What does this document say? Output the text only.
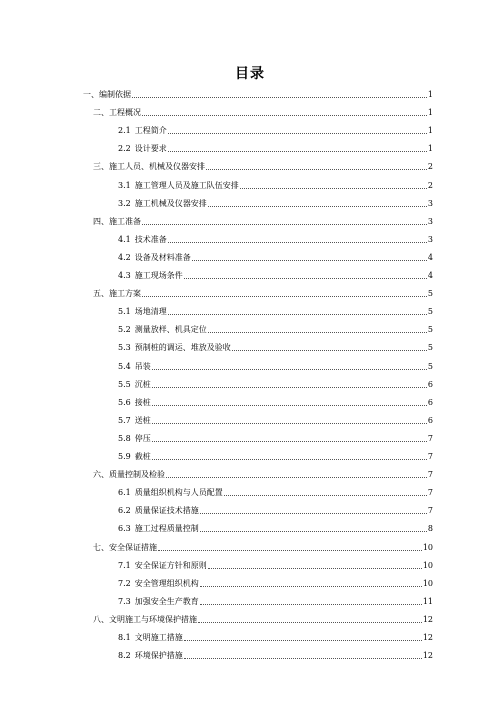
目录
一、编制依据	1
二、工程概况	1
2.1 工程简介	1
2.2 设计要求	1
三、施工人员、机械及仪器安排	2
3.1 施工管理人员及施工队伍安排	2
3.2 施工机械及仪器安排	3
四、施工准备	3
4.1 技术准备	3
4.2 设备及材料准备	4
4.3 施工现场条件	4
五、施工方案	5
5.1 场地清理	5
5.2 测量放样、机具定位	5
5.3 预制桩的调运、堆放及验收	5
5.4 吊装	5
5.5 沉桩	6
5.6 接桩	6
5.7 送桩	6
5.8 停压	7
5.9 截桩	7
六、质量控制及检验	7
6.1 质量组织机构与人员配置	7
6.2 质量保证技术措施	7
6.3 施工过程质量控制	8
七、安全保证措施	10
7.1 安全保证方针和原则	10
7.2 安全管理组织机构	10
7.3 加强安全生产教育	11
八、文明施工与环境保护措施	12
8.1 文明施工措施	12
8.2 环境保护措施	12
